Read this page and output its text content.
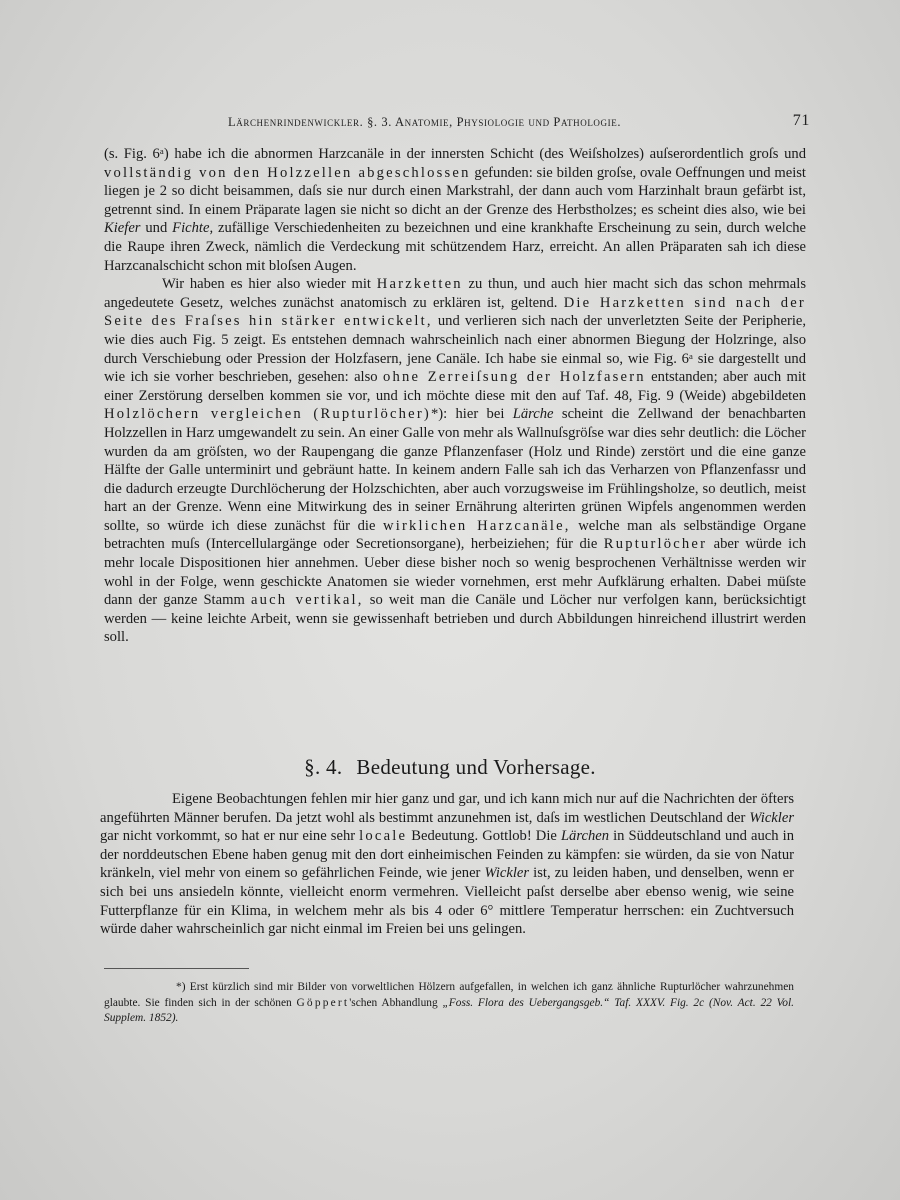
Lärchenrindenwickler. §. 3. Anatomie, Physiologie und Pathologie.	71

(s. Fig. 6ᵃ) habe ich die abnormen Harzcanäle in der innersten Schicht (des Weiſsholzes) auſserordentlich groſs und vollständig von den Holzzellen abgeschlossen gefunden: sie bilden groſse, ovale Oeffnungen und meist liegen je 2 so dicht beisammen, daſs sie nur durch einen Markstrahl, der dann auch vom Harzinhalt braun gefärbt ist, getrennt sind. In einem Präparate lagen sie nicht so dicht an der Grenze des Herbstholzes; es scheint dies also, wie bei Kiefer und Fichte, zufällige Verschiedenheiten zu bezeichnen und eine krankhafte Erscheinung zu sein, durch welche die Raupe ihren Zweck, nämlich die Verdeckung mit schützendem Harz, erreicht. An allen Präparaten sah ich diese Harzcanalschicht schon mit bloſsen Augen.

Wir haben es hier also wieder mit Harzketten zu thun, und auch hier macht sich das schon mehrmals angedeutete Gesetz, welches zunächst anatomisch zu erklären ist, geltend. Die Harzketten sind nach der Seite des Fraſses hin stärker entwickelt, und verlieren sich nach der unverletzten Seite der Peripherie, wie dies auch Fig. 5 zeigt. Es entstehen demnach wahrscheinlich nach einer abnormen Biegung der Holzringe, also durch Verschiebung oder Pression der Holzfasern, jene Canäle. Ich habe sie einmal so, wie Fig. 6ᵃ sie dargestellt und wie ich sie vorher beschrieben, gesehen: also ohne Zerreiſsung der Holzfasern entstanden; aber auch mit einer Zerstörung derselben kommen sie vor, und ich möchte diese mit den auf Taf. 48, Fig. 9 (Weide) abgebildeten Holzlöchern vergleichen (Rupturlöcher)*): hier bei Lärche scheint die Zellwand der benachbarten Holzzellen in Harz umgewandelt zu sein. An einer Galle von mehr als Wallnuſsgröſse war dies sehr deutlich: die Löcher wurden da am gröſsten, wo der Raupengang die ganze Pflanzenfaser (Holz und Rinde) zerstört und die eine ganze Hälfte der Galle unterminirt und gebräunt hatte. In keinem andern Falle sah ich das Verharzen von Pflanzenfassr und die dadurch erzeugte Durchlöcherung der Holzschichten, aber auch vorzugsweise im Frühlingsholze, so deutlich, meist hart an der Grenze. Wenn eine Mitwirkung des in seiner Ernährung alterirten grünen Wipfels angenommen werden sollte, so würde ich diese zunächst für die wirklichen Harzcanäle, welche man als selbständige Organe betrachten muſs (Intercellulargänge oder Secretionsorgane), herbeiziehen; für die Rupturlöcher aber würde ich mehr locale Dispositionen hier annehmen. Ueber diese bisher noch so wenig besprochenen Verhältnisse werden wir wohl in der Folge, wenn geschickte Anatomen sie wieder vornehmen, erst mehr Aufklärung erhalten. Dabei müſste dann der ganze Stamm auch vertikal, so weit man die Canäle und Löcher nur verfolgen kann, berücksichtigt werden — keine leichte Arbeit, wenn sie gewissenhaft betrieben und durch Abbildungen hinreichend illustrirt werden soll.

§. 4. Bedeutung und Vorhersage.

Eigene Beobachtungen fehlen mir hier ganz und gar, und ich kann mich nur auf die Nachrichten der öfters angeführten Männer berufen. Da jetzt wohl als bestimmt anzunehmen ist, daſs im westlichen Deutschland der Wickler gar nicht vorkommt, so hat er nur eine sehr locale Bedeutung. Gottlob! Die Lärchen in Süddeutschland und auch in der norddeutschen Ebene haben genug mit den dort einheimischen Feinden zu kämpfen: sie würden, da sie von Natur kränkeln, viel mehr von einem so gefährlichen Feinde, wie jener Wickler ist, zu leiden haben, und denselben, wenn er sich bei uns ansiedeln könnte, vielleicht enorm vermehren. Vielleicht paſst derselbe aber ebenso wenig, wie seine Futterpflanze für ein Klima, in welchem mehr als bis 4 oder 6° mittlere Temperatur herrschen: ein Zuchtversuch würde daher wahrscheinlich gar nicht einmal im Freien bei uns gelingen.

*) Erst kürzlich sind mir Bilder von vorweltlichen Hölzern aufgefallen, in welchen ich ganz ähnliche Rupturlöcher wahrzunehmen glaubte. Sie finden sich in der schönen Göppert'schen Abhandlung „Foss. Flora des Uebergangsgeb.“ Taf. XXXV. Fig. 2c (Nov. Act. 22 Vol. Supplem. 1852).
